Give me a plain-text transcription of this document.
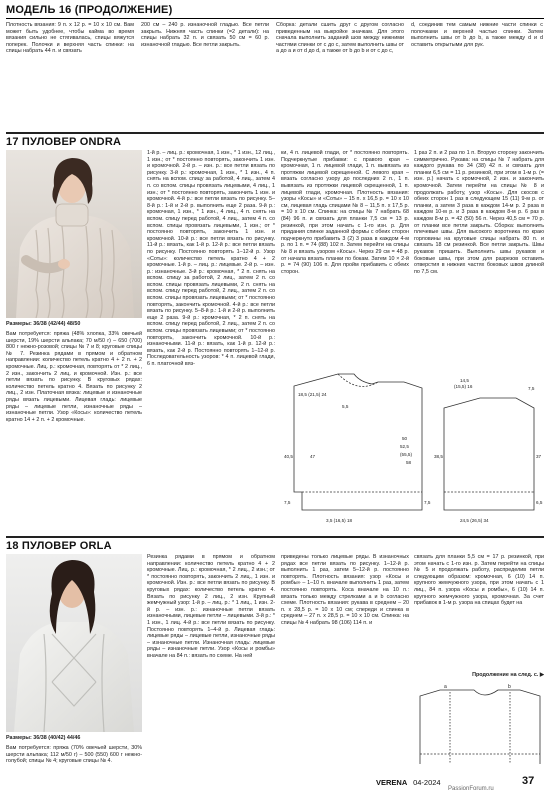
МОДЕЛЬ 16 (ПРОДОЛЖЕНИЕ)

Плотность вязания: 9 п. х 12 р. = 10 х 10 см. Вам может быть удобнее, чтобы кайма во время вязания сильно не стягивалась, спицы вяжутся поперек. Полочки и верхняя часть спинки: на спицы набрать 44 п. и связать

200 см – 240 р. изнаночной гладью. Все петли закрыть. Нижняя часть спинки (=2 детали): на спицы набрать 32 п. и связать 50 см = 60 р. изнаночной гладью. Все петли закрыть.

Сборка: детали сшить друг с другом согласно приведенным на выкройке значкам. Для этого сначала выполнить заданий шов между нижними частями спинки от c до c, затем выполнить швы от a до a и от d до d, а также от b до b и от c до c,

d, соединив тем самым нижние части спинки с полочками и верхней частью спинки. Затем выполнить швы от b до b, а также между d и d оставить открытыми для рук.

17 ПУЛОВЕР ONDRA
Размеры: 36/38 (42/44) 48/50

Вам потребуется: пряжа (48% хлопка, 33% овечьей шерсти, 19% шерсти альпака; 70 м/50 г) – 650 (700) 800 г нежно-розовой; спицы № 7 и 8; круговые спицы № 7. Резинка рядами в прямом и обратном направлении: количество петель кратно 4 + 2 п. + 2 кромочные. Лиц. р.: кромочная, повторять от * 2 лиц., 2 изн., закончить 2 лиц. и кромочной. Изн. р.: все петли вязать по рисунку. В круговых рядах: количество петель кратно 4. Вязать по рисунку 2 лиц., 2 изн. Платочная вязка: лицевые и изнаночные ряды вязать лицевыми. Лицевая гладь: лицевые ряды – лицевые петли, изнаночные ряды – изнаночные петли. Узор «Косы»: количество петель кратно 14 + 2 п. + 2 кромочные.

1-й р. – лиц. р.: кромочная, 1 изн., * 1 изн., 12 лиц., 1 изн.; от * постоянно повторять, закончить 1 изн. и кромочной. 2-й р. – изн. р.: все петли вязать по рисунку. 3-й р.: кромочная, 1 изн., * 1 изн., 4 п. снять на вспом. спицу за работой, 4 лиц., затем 4 п. со вспом. спицы провязать лицевыми, 4 лиц., 1 изн.; от * постоянно повторять, закончить 1 изн. и кромочной. 4-й р.: все петли вязать по рисунку. 5–8-й р.: 1-й и 2-й р. выполнить еще 2 раза. 9-й р.: кромочная, 1 изн., * 1 изн., 4 лиц., 4 п. снять на вспом. спицу перед работой, 4 лиц., затем 4 п. со вспом. спицы провязать лицевыми, 1 изн.; от * постоянно повторять, закончить 1 изн. и кромочной. 10-й р.: все петли вязать по рисунку. 11-й р.: вязать, как 1-й р. 12-й р.: все петли вязать по рисунку. Постоянно повторять 1–12-й р. Узор «Соты»: количество петель кратно 4 + 2 кромочные. 1-й р. – лиц. р.: лицевые. 2-й р. – изн. р.: изнаночные. 3-й р.: кромочная, * 2 п. снять на вспом. спицу за работой, 2 лиц., затем 2 п. со вспом. спицы провязать лицевыми, 2 п. снять на вспом. спицу перед работой, 2 лиц., затем 2 п. со вспом. спицы провязать лицевыми; от * постоянно повторять, закончить кромочной. 4-й р.: все петли вязать по рисунку. 5–8-й р.: 1-й и 2-й р. выполнить еще 2 раза. 9-й р.: кромочная, * 2 п. снять на вспом. спицу перед работой, 2 лиц., затем 2 п. со вспом. спицы провязать лицевыми; от * постоянно повторять, закончить кромочной. 10-й р.: изнаночными. 11-й р.: вязать, как 1-й р. 12-й р.: вязать, как 2-й р. Постоянно повторять 1–12-й р. Последовательность узоров: * 4 п. лицевой глади, 6 п. платочной вяз-

ки, 4 п. лицевой глади, от * постоянно повторять. Подчеркнутые прибавки: с правого края – кромочная, 1 п. лицевой глади, 1 п. вывязать из протяжки лицевой скрещенной. С левого края – вязать согласно узору до последних 2 п., 1 п. вывязать из протяжки лицевой скрещенной, 1 п. лицевой глади, кромочная. Плотность вязания: узоры «Косы» и «Соты» – 15 п. х 16,5 р. = 10 х 10 см, лицевая гладь спицами № 8 – 11,5 п. х 17,5 р. = 10 х 10 см. Спинка: на спицы № 7 набрать 68 (84) 96 п. и связать для планки 7,5 см = 13 р. резинкой, при этом начать с 1-го изн. р. Для придания спинке заданной формы с обеих сторон подчеркнуто прибавить 3 (2) 3 раза в каждом 4-м р. по 1 п. = 74 (88) 102 п. Затем перейти на спицы № 8 и вязать узором «Косы». Через 29 см = 48 р. от начала вязать планки по бокам. Затем 10 × 2-й р. = 74 (90) 106 п. Для пройм прибавить с обеих сторон.

1 раз 2 п. и 2 раз по 1 п. Вторую сторону закончить симметрично. Рукава: на спицы № 7 набрать для каждого рукава по 34 (38) 42 п. и связать для планки 6,5 см = 11 р. резинкой, при этом в 1-м р. (= изн. р.) начать с кромочной, 2 изн. и закончить кромочной. Затем перейти на спицы № 8 и продолжать работу, узор «Косы». Для скосов с обеих сторон 1 раз в следующем 15 (11) 9-м р. от планки, а затем 3 раза в каждом 14-м р. 2 раза в каждом 10-м р. и 3 раза в каждом 8-м р. 6 раз в каждом 8-м р. = 42 (50) 56 п. Через 40,5 см = 70 р. от планки все петли закрыть. Сборка: выполнить плечевые швы. Для высокого воротника по краю горловины на круговые спицы набрать 80 п. и связать 18 см резинкой. Все петли закрыть. Швы рукавов пришить. Выполнить швы рукавов и боковые швы, при этом для разрезов оставить отверстия в нижних частях боковых швов длиной по 7,5 см.

14,5
(15,5) 16	7,5
18,5 (21,5) 24
5,5
40,5	47
50
52,5
(55,5)
58
38,5	37
7,5
24,5 (26,5) 34
6,5
3,5 (16,5) 18
7,5
18 ПУЛОВЕР ORLA
Размеры: 36/38 (40/42) 44/46

Вам потребуется: пряжа (70% овечьей шерсти, 30% шерсти альпака; 112 м/50 г) – 500 (550) 600 г нежно-голубой; спицы № 4; круговые спицы № 4.

Резинка рядами в прямом и обратном направлении: количество петель кратно 4 + 2 кромочные. Лиц. р.: кромочная, * 2 лиц., 2 изн.; от * постоянно повторять, закончить 2 лиц., 1 изн. и кромочной. Изн. р.: все петли вязать по рисунку. В круговых рядах: количество петель кратно 4. Вязать по рисунку 2 лиц., 2 изн. Крупный жемчужный узор: 1-й р. – лиц. р.: * 1 лиц., 1 изн. 2-й р. – изн. р.: изнаночные петли вязать изнаночными, лицевые петли – лицевыми. 3-й р.: * 1 изн., 1 лиц. 4-й р.: все петли вязать по рисунку. Постоянно повторять 1–4-й р. Лицевая гладь: лицевые ряды – лицевые петли, изнаночные ряды – изнаночные петли. Изнаночная гладь: лицевые ряды – изнаночные петли. Узор «Косы и ромбы» вначале на 84 п.: вязать по схеме. На ней

приведены только лицевые ряды. В изнаночных рядах все петли вязать по рисунку. 1–12-й р. выполнить 1 раз, затем 5–12-й р. постоянно повторять. Плотность вязания: узор «Косы и ромбы» – 1–10 п. вначале выполнить 1 раз, затем постоянно повторять. Коса вначале на 10 п.: вязать только между стрелками а и b согласно схеме. Плотность вязания: рукава в среднем – 20 п. х 28,5 р. = 10 х 10 см; спереди и спинка в среднем – 27 п. х 28,5 р. = 10 х 10 см. Спинка: на спицы № 4 набрать 98 (106) 114 п. и

связать для планки 5,5 см = 17 р. резинкой, при этом начать с 1-го изн. р. Затем перейти на спицы № 5 и продолжать работу, распределив петли следующим образом: кромочная, 6 (10) 14 п. крупного жемчужного узора, при этом начать с 1 лиц., 84 п. узора «Косы и ромбы», 6 (10) 14 п. крупного жемчужного узора, кромочная. За счет прибавок в 1-м р. узора на спицах будет на

Продолжение на след. с. ▶
a	b
VERENA 04-2024	37
PassionForum.ru
